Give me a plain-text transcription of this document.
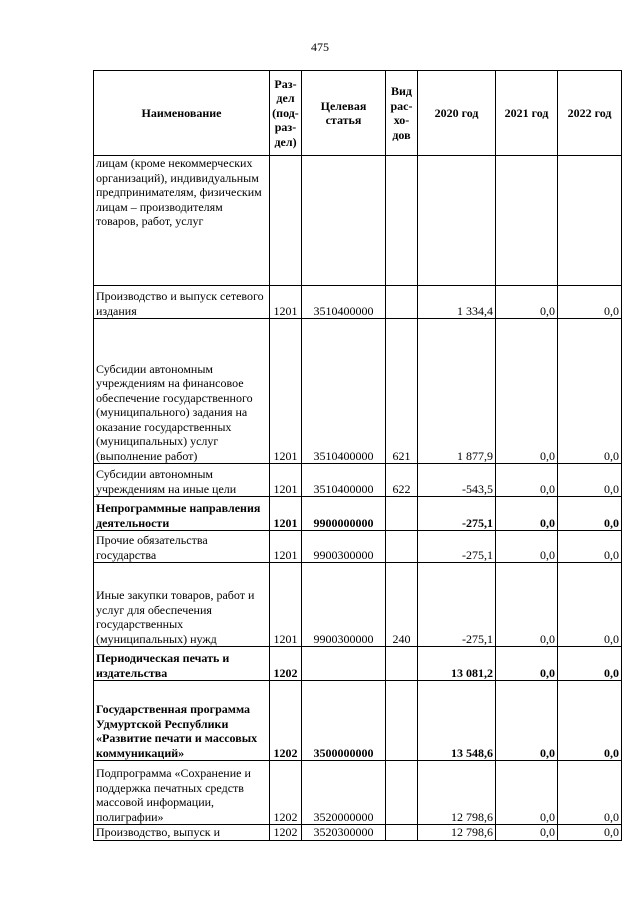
475
Наименование	Раз-дел (под-раз-дел)	Целевая статья	Вид рас-хо-дов	2020 год	2021 год	2022 год
лицам (кроме некоммерческих организаций), индивидуальным предпринимателям, физическим лицам – производителям товаров, работ, услуг						
Производство и выпуск сетевого издания	1201	3510400000		1 334,4	0,0	0,0
Субсидии автономным учреждениям на финансовое обеспечение государственного (муниципального) задания на оказание государственных (муниципальных) услуг (выполнение работ)	1201	3510400000	621	1 877,9	0,0	0,0
Субсидии автономным учреждениям на иные цели	1201	3510400000	622	-543,5	0,0	0,0
Непрограммные направления деятельности	1201	9900000000		-275,1	0,0	0,0
Прочие обязательства государства	1201	9900300000		-275,1	0,0	0,0
Иные закупки товаров, работ и услуг для обеспечения государственных (муниципальных) нужд	1201	9900300000	240	-275,1	0,0	0,0
Периодическая печать и издательства	1202			13 081,2	0,0	0,0
Государственная программа Удмуртской Республики «Развитие печати и массовых коммуникаций»	1202	3500000000		13 548,6	0,0	0,0
Подпрограмма «Сохранение и поддержка печатных средств массовой информации, полиграфии»	1202	3520000000		12 798,6	0,0	0,0
Производство, выпуск и	1202	3520300000		12 798,6	0,0	0,0
